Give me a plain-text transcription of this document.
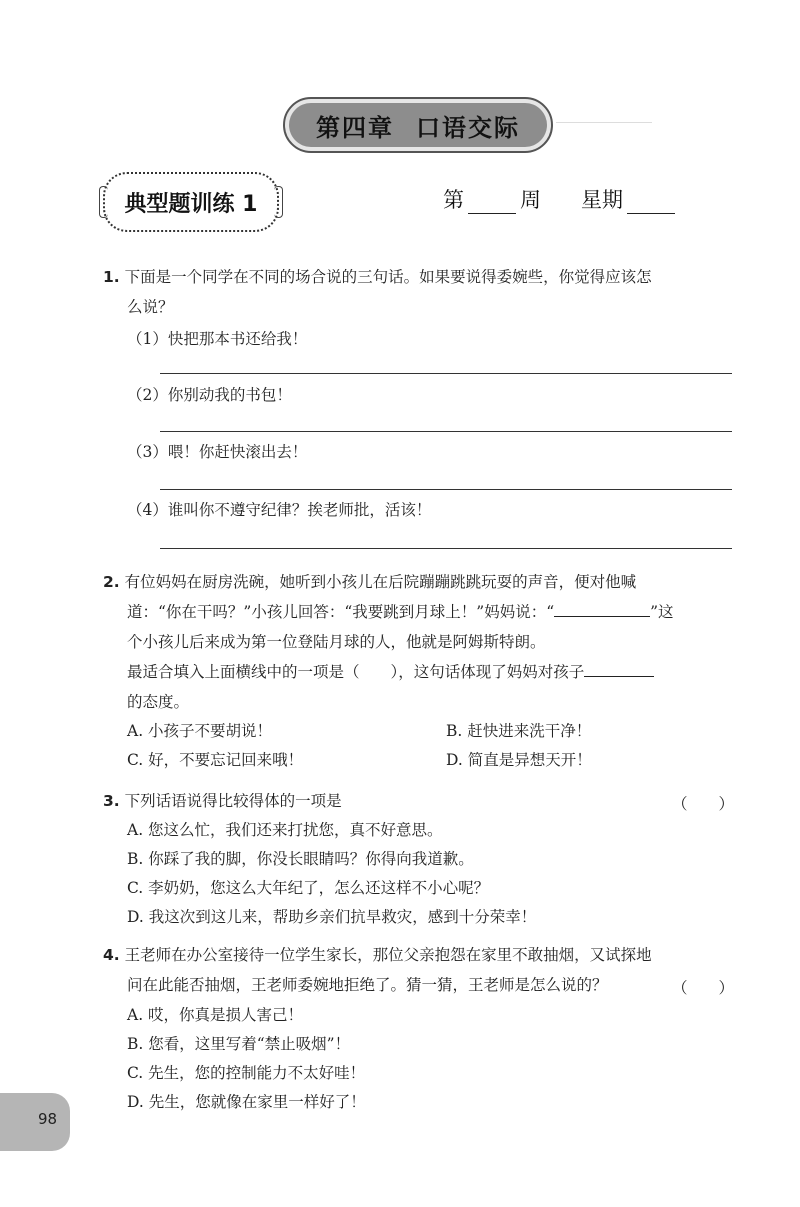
第四章 口语交际
典型题训练 1	第	周 星期
1. 下面是一个同学在不同的场合说的三句话。如果要说得委婉些，你觉得应该怎
么说？
（1）快把那本书还给我！
（2）你别动我的书包！
（3）喂！你赶快滚出去！
（4）谁叫你不遵守纪律？挨老师批，活该！
2. 有位妈妈在厨房洗碗，她听到小孩儿在后院蹦蹦跳跳玩耍的声音，便对他喊
道：“你在干吗？”小孩儿回答：“我要跳到月球上！”妈妈说：“	”这
个小孩儿后来成为第一位登陆月球的人，他就是阿姆斯特朗。
最适合填入上面横线中的一项是（　　），这句话体现了妈妈对孩子
的态度。
A. 小孩子不要胡说！	B. 赶快进来洗干净！
C. 好，不要忘记回来哦！	D. 简直是异想天开！
3. 下列话语说得比较得体的一项是	（　　）
A. 您这么忙，我们还来打扰您，真不好意思。
B. 你踩了我的脚，你没长眼睛吗？你得向我道歉。
C. 李奶奶，您这么大年纪了，怎么还这样不小心呢？
D. 我这次到这儿来，帮助乡亲们抗旱救灾，感到十分荣幸！
4. 王老师在办公室接待一位学生家长，那位父亲抱怨在家里不敢抽烟，又试探地
问在此能否抽烟，王老师委婉地拒绝了。猜一猜，王老师是怎么说的？	（　　）
A. 哎，你真是损人害己！
B. 您看，这里写着“禁止吸烟”！
C. 先生，您的控制能力不太好哇！
D. 先生，您就像在家里一样好了！
98
